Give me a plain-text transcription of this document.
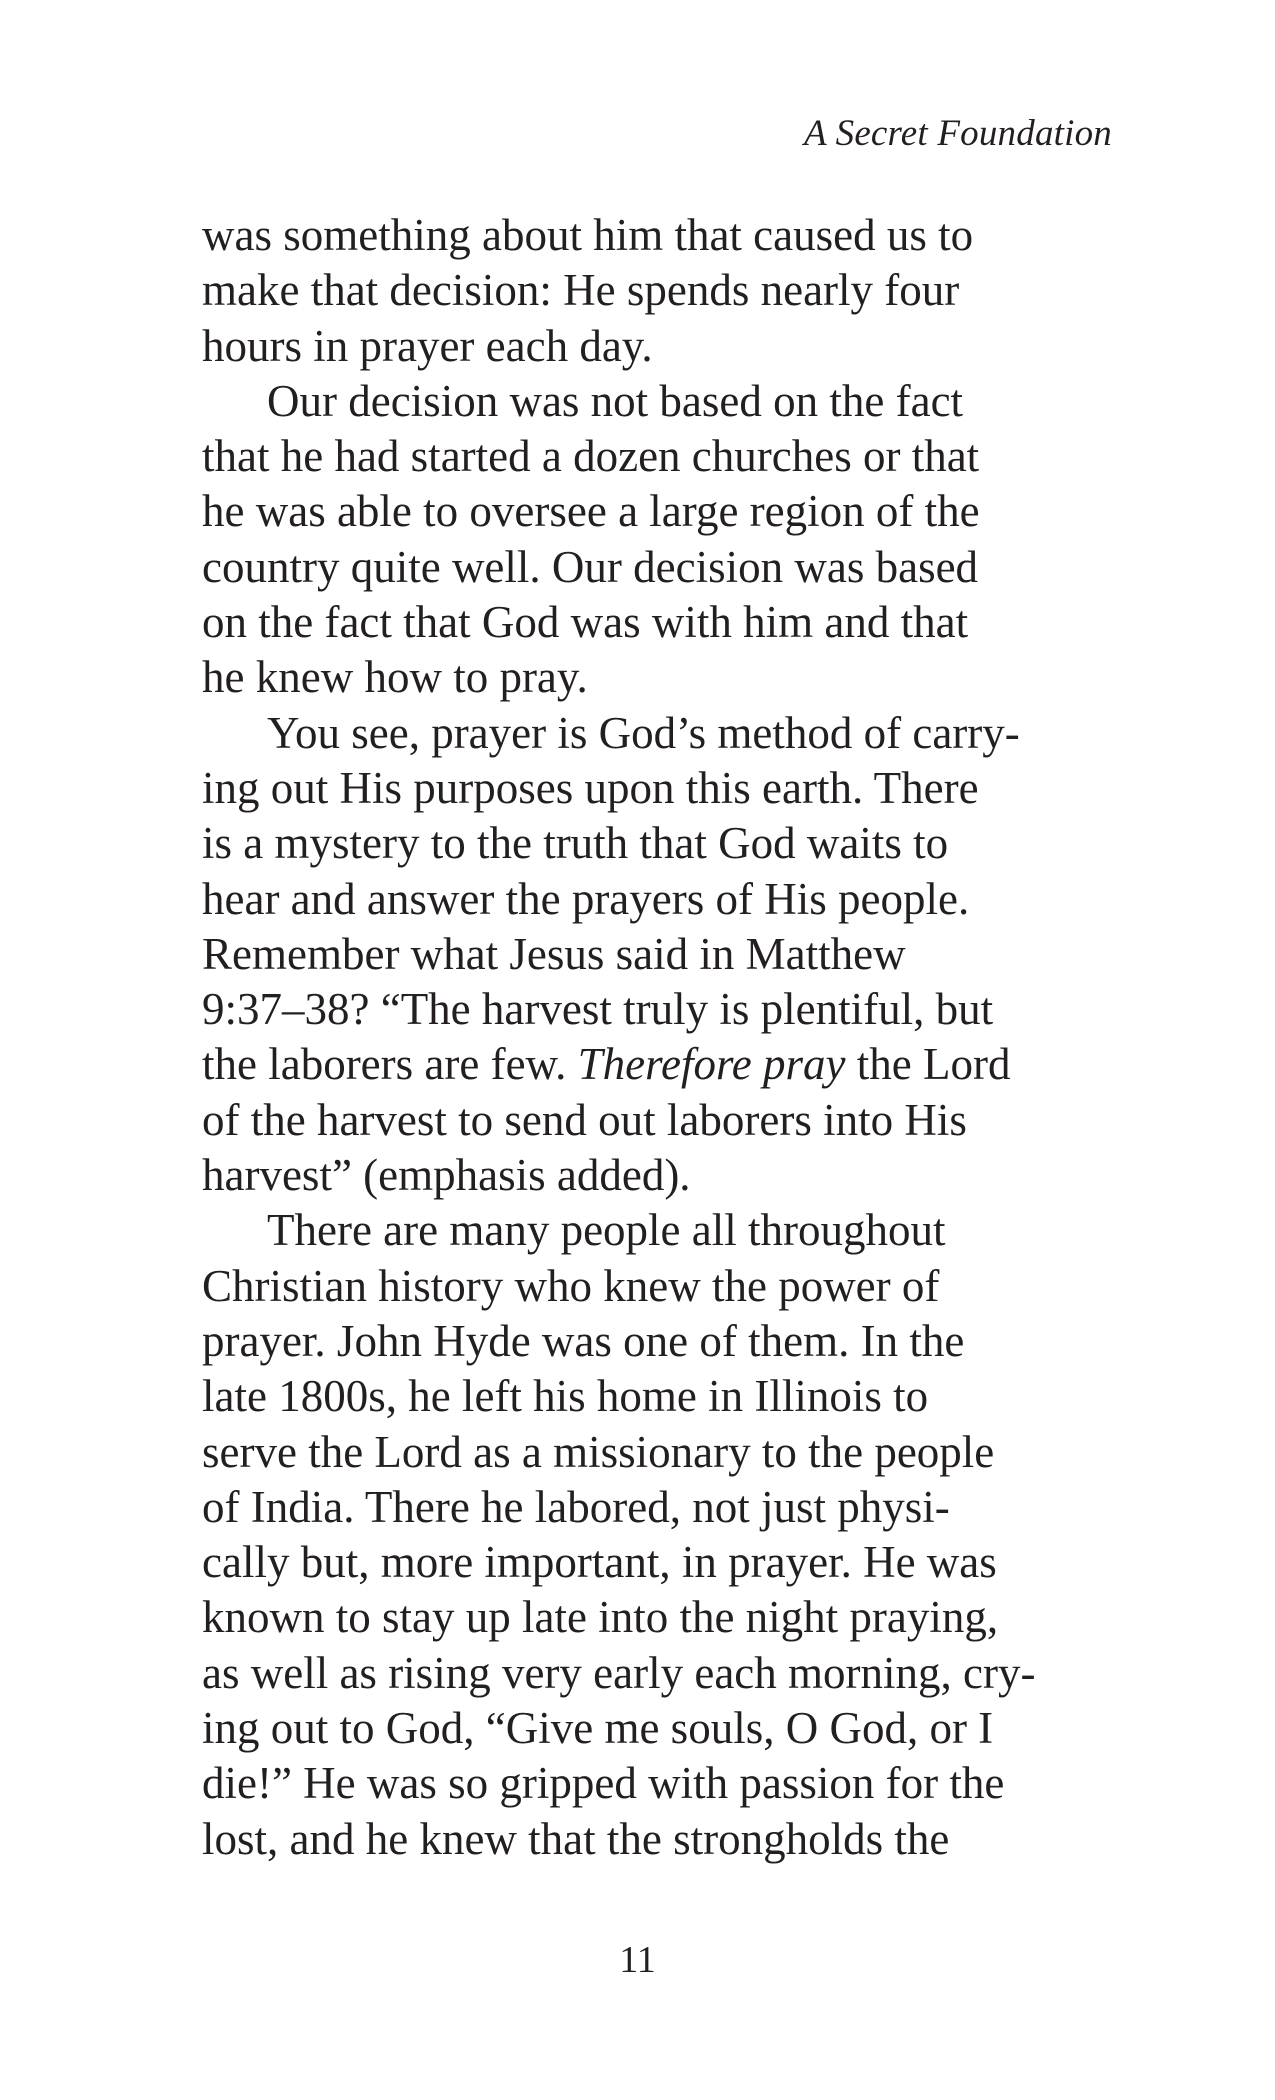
A Secret Foundation
was something about him that caused us to
make that decision: He spends nearly four
hours in prayer each day.
Our decision was not based on the fact
that he had started a dozen churches or that
he was able to oversee a large region of the
country quite well. Our decision was based
on the fact that God was with him and that
he knew how to pray.
You see, prayer is God’s method of carry-
ing out His purposes upon this earth. There
is a mystery to the truth that God waits to
hear and answer the prayers of His people.
Remember what Jesus said in Matthew
9:37–38? “The harvest truly is plentiful, but
the laborers are few. Therefore pray the Lord
of the harvest to send out laborers into His
harvest” (emphasis added).
There are many people all throughout
Christian history who knew the power of
prayer. John Hyde was one of them. In the
late 1800s, he left his home in Illinois to
serve the Lord as a missionary to the people
of India. There he labored, not just physi-
cally but, more important, in prayer. He was
known to stay up late into the night praying,
as well as rising very early each morning, cry-
ing out to God, “Give me souls, O God, or I
die!” He was so gripped with passion for the
lost, and he knew that the strongholds the
11
